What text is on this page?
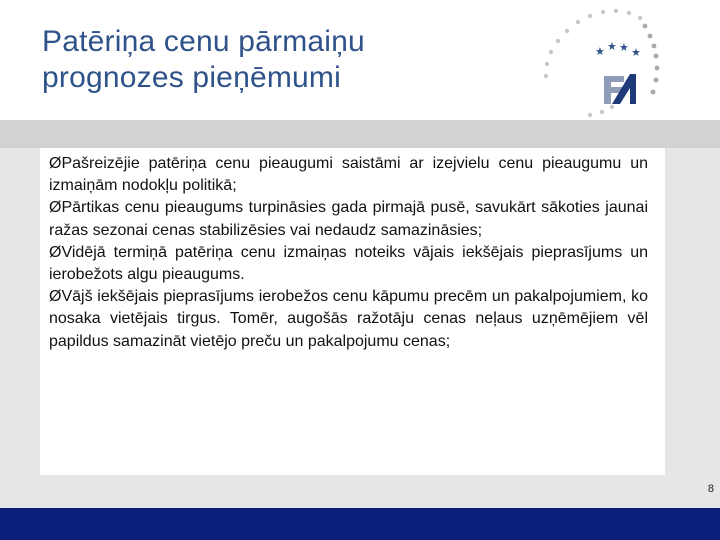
Patēriņa cenu pārmaiņu
prognozes pieņēmumi
★ ★ ★ ★

ØPašreizējie patēriņa cenu pieaugumi saistāmi ar izejvielu cenu pieaugumu un izmaiņām nodokļu politikā;

ØPārtikas cenu pieaugums turpināsies gada pirmajā pusē, savukārt sākoties jaunai ražas sezonai cenas stabilizēsies vai nedaudz samazināsies;

ØVidējā termiņā patēriņa cenu izmaiņas noteiks vājais iekšējais pieprasījums un ierobežots algu pieaugums.

ØVājš iekšējais pieprasījums ierobežos cenu kāpumu precēm un pakalpojumiem, ko nosaka vietējais tirgus. Tomēr, augošās ražotāju cenas neļaus uzņēmējiem vēl papildus samazināt vietējo preču un pakalpojumu cenas;

8
